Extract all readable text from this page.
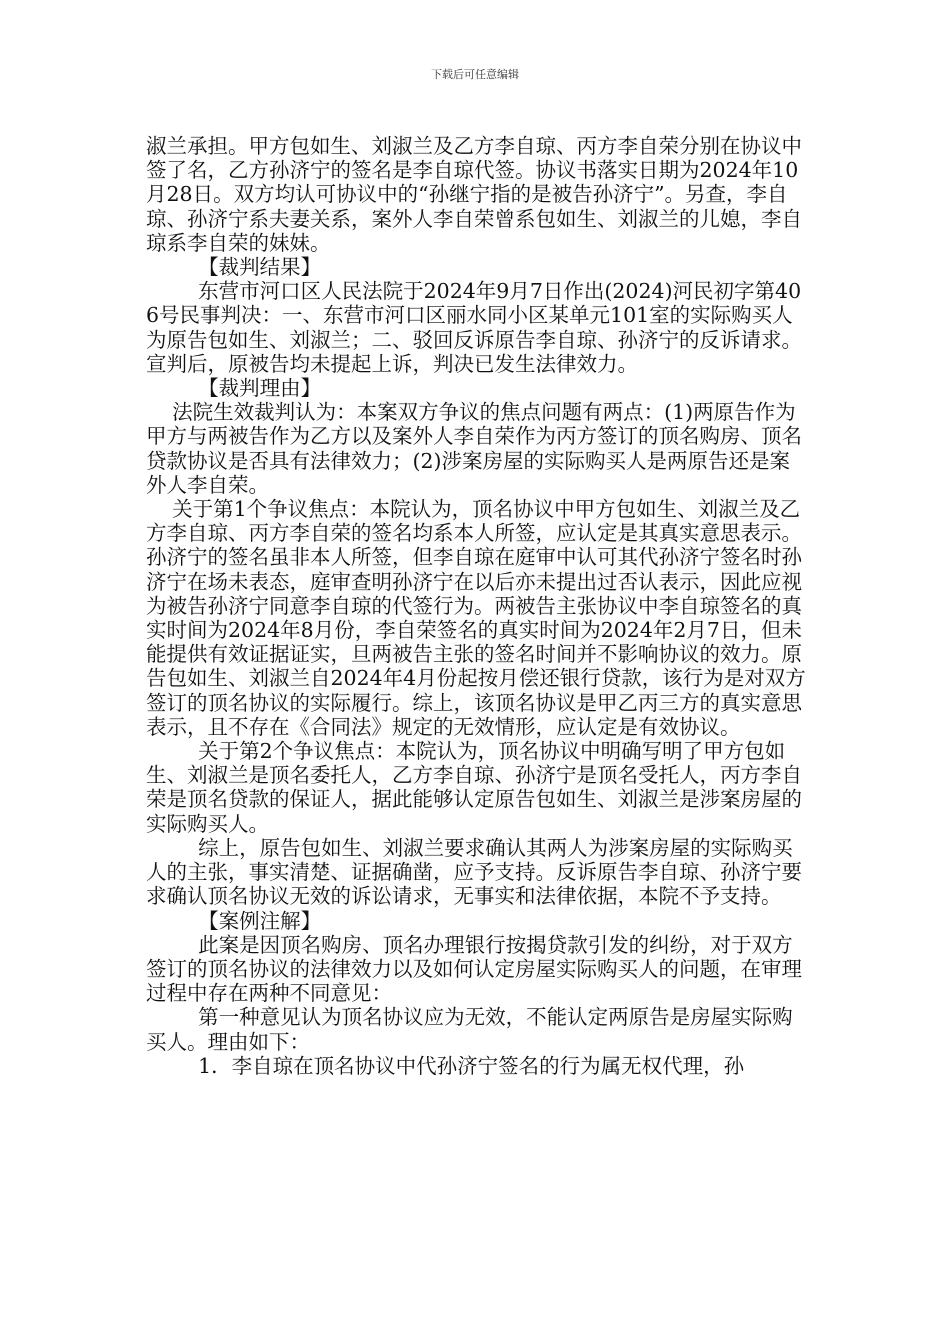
下载后可任意编辑

淑兰承担。甲方包如生、刘淑兰及乙方李自琼、丙方李自荣分别在协议中签了名，乙方孙济宁的签名是李自琼代签。协议书落实日期为2024年10月28日。双方均认可协议中的“孙继宁指的是被告孙济宁”。另查，李自琼、孙济宁系夫妻关系，案外人李自荣曾系包如生、刘淑兰的儿媳，李自琼系李自荣的妹妹。

【裁判结果】

东营市河口区人民法院于2024年9月7日作出(2024)河民初字第406号民事判决：一、东营市河口区丽水同小区某单元101室的实际购买人为原告包如生、刘淑兰；二、驳回反诉原告李自琼、孙济宁的反诉请求。宣判后，原被告均未提起上诉，判决已发生法律效力。

【裁判理由】

法院生效裁判认为：本案双方争议的焦点问题有两点：(1)两原告作为甲方与两被告作为乙方以及案外人李自荣作为丙方签订的顶名购房、顶名贷款协议是否具有法律效力；(2)涉案房屋的实际购买人是两原告还是案外人李自荣。

关于第1个争议焦点：本院认为，顶名协议中甲方包如生、刘淑兰及乙方李自琼、丙方李自荣的签名均系本人所签，应认定是其真实意思表示。孙济宁的签名虽非本人所签，但李自琼在庭审中认可其代孙济宁签名时孙济宁在场未表态，庭审查明孙济宁在以后亦未提出过否认表示，因此应视为被告孙济宁同意李自琼的代签行为。两被告主张协议中李自琼签名的真实时间为2024年8月份，李自荣签名的真实时间为2024年2月7日，但未能提供有效证据证实，旦两被告主张的签名时间并不影响协议的效力。原告包如生、刘淑兰自2024年4月份起按月偿还银行贷款，该行为是对双方签订的顶名协议的实际履行。综上，该顶名协议是甲乙丙三方的真实意思表示，且不存在《合同法》规定的无效情形，应认定是有效协议。

关于第2个争议焦点：本院认为，顶名协议中明确写明了甲方包如生、刘淑兰是顶名委托人，乙方李自琼、孙济宁是顶名受托人，丙方李自荣是顶名贷款的保证人，据此能够认定原告包如生、刘淑兰是涉案房屋的实际购买人。

综上，原告包如生、刘淑兰要求确认其两人为涉案房屋的实际购买人的主张，事实清楚、证据确凿，应予支持。反诉原告李自琼、孙济宁要求确认顶名协议无效的诉讼请求，无事实和法律依据，本院不予支持。

【案例注解】

此案是因顶名购房、顶名办理银行按揭贷款引发的纠纷，对于双方签订的顶名协议的法律效力以及如何认定房屋实际购买人的问题，在审理过程中存在两种不同意见：

第一种意见认为顶名协议应为无效，不能认定两原告是房屋实际购买人。理由如下：

1．李自琼在顶名协议中代孙济宁签名的行为属无权代理，孙
